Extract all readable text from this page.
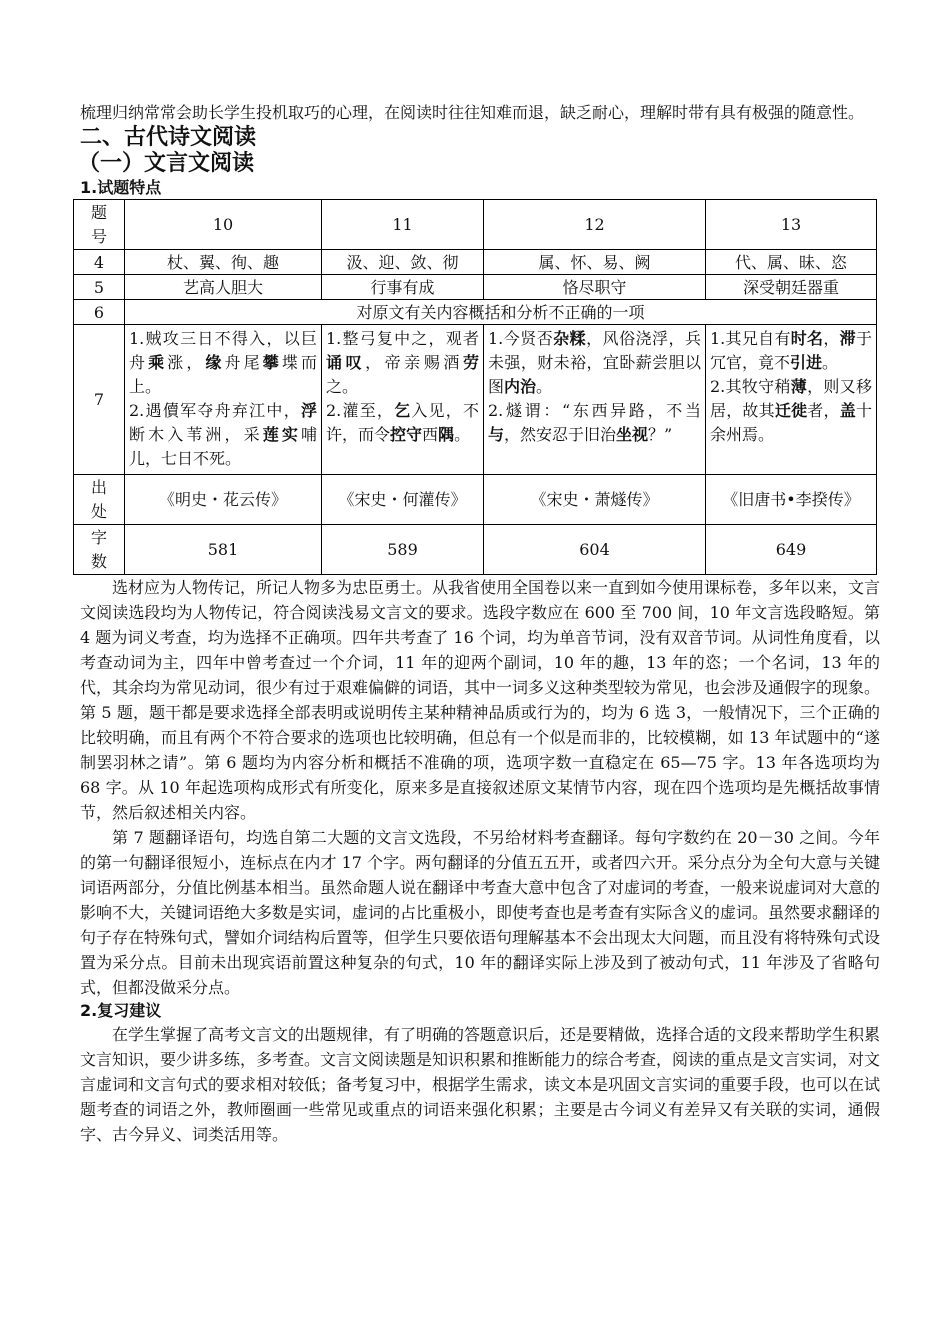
梳理归纳常常会助长学生投机取巧的心理，在阅读时往往知难而退，缺乏耐心，理解时带有具有极强的随意性。

二、古代诗文阅读

（一）文言文阅读

1.试题特点

题
号	10	11	12	13
4	杖、翼、徇、趣	汲、迎、敛、彻	属、怀、易、阙	代、属、昧、恣
5	艺高人胆大	行事有成	恪尽职守	深受朝廷器重
6	对原文有关内容概括和分析不正确的一项			
7	1.贼攻三日不得入，以巨舟乘涨，缘舟尾攀堞而上。
2.遇儥军夺舟弃江中，浮断木入苇洲，采莲实哺儿，七日不死。	1.整弓复中之，观者诵叹，帝亲赐酒劳之。
2.灌至，乞入见，不许，而令控守西隅。	1.今贤否杂糅，风俗浇浮，兵未强，财未裕，宜卧薪尝胆以图内治。
2.燧谓：“东西异路，不当与，然安忍于旧治坐视？”	1.其兄自有时名，滞于冗官，竟不引进。
2.其牧守稍薄，则又移居，故其迁徙者，盖十余州焉。
出
处	《明史・花云传》	《宋史・何灌传》	《宋史・萧燧传》	《旧唐书•李揆传》
字
数	581	589	604	649

选材应为人物传记，所记人物多为忠臣勇士。从我省使用全国卷以来一直到如今使用课标卷，多年以来，文言文阅读选段均为人物传记，符合阅读浅易文言文的要求。选段字数应在 600 至 700 间，10 年文言选段略短。第 4 题为词义考查，均为选择不正确项。四年共考查了 16 个词，均为单音节词，没有双音节词。从词性角度看，以考查动词为主，四年中曾考查过一个介词，11 年的迎两个副词，10 年的趣，13 年的恣；一个名词，13 年的代，其余均为常见动词，很少有过于艰难偏僻的词语，其中一词多义这种类型较为常见，也会涉及通假字的现象。第 5 题，题干都是要求选择全部表明或说明传主某种精神品质或行为的，均为 6 选 3，一般情况下，三个正确的比较明确，而且有两个不符合要求的选项也比较明确，但总有一个似是而非的，比较模糊，如 13 年试题中的“遂制罢羽林之请”。第 6 题均为内容分析和概括不准确的项，选项字数一直稳定在 65—75 字。13 年各选项均为 68 字。从 10 年起选项构成形式有所变化，原来多是直接叙述原文某情节内容，现在四个选项均是先概括故事情节，然后叙述相关内容。

第 7 题翻译语句，均选自第二大题的文言文选段，不另给材料考查翻译。每句字数约在 20－30 之间。今年的第一句翻译很短小，连标点在内才 17 个字。两句翻译的分值五五开，或者四六开。采分点分为全句大意与关键词语两部分，分值比例基本相当。虽然命题人说在翻译中考查大意中包含了对虚词的考查，一般来说虚词对大意的影响不大，关键词语绝大多数是实词，虚词的占比重极小，即使考查也是考查有实际含义的虚词。虽然要求翻译的句子存在特殊句式，譬如介词结构后置等，但学生只要依语句理解基本不会出现太大问题，而且没有将特殊句式设置为采分点。目前未出现宾语前置这种复杂的句式，10 年的翻译实际上涉及到了被动句式，11 年涉及了省略句式，但都没做采分点。

2.复习建议

在学生掌握了高考文言文的出题规律，有了明确的答题意识后，还是要精做，选择合适的文段来帮助学生积累文言知识，要少讲多练，多考查。文言文阅读题是知识积累和推断能力的综合考查，阅读的重点是文言实词，对文言虚词和文言句式的要求相对较低；备考复习中，根据学生需求，读文本是巩固文言实词的重要手段，也可以在试题考查的词语之外，教师圈画一些常见或重点的词语来强化积累；主要是古今词义有差异又有关联的实词，通假字、古今异义、词类活用等。
